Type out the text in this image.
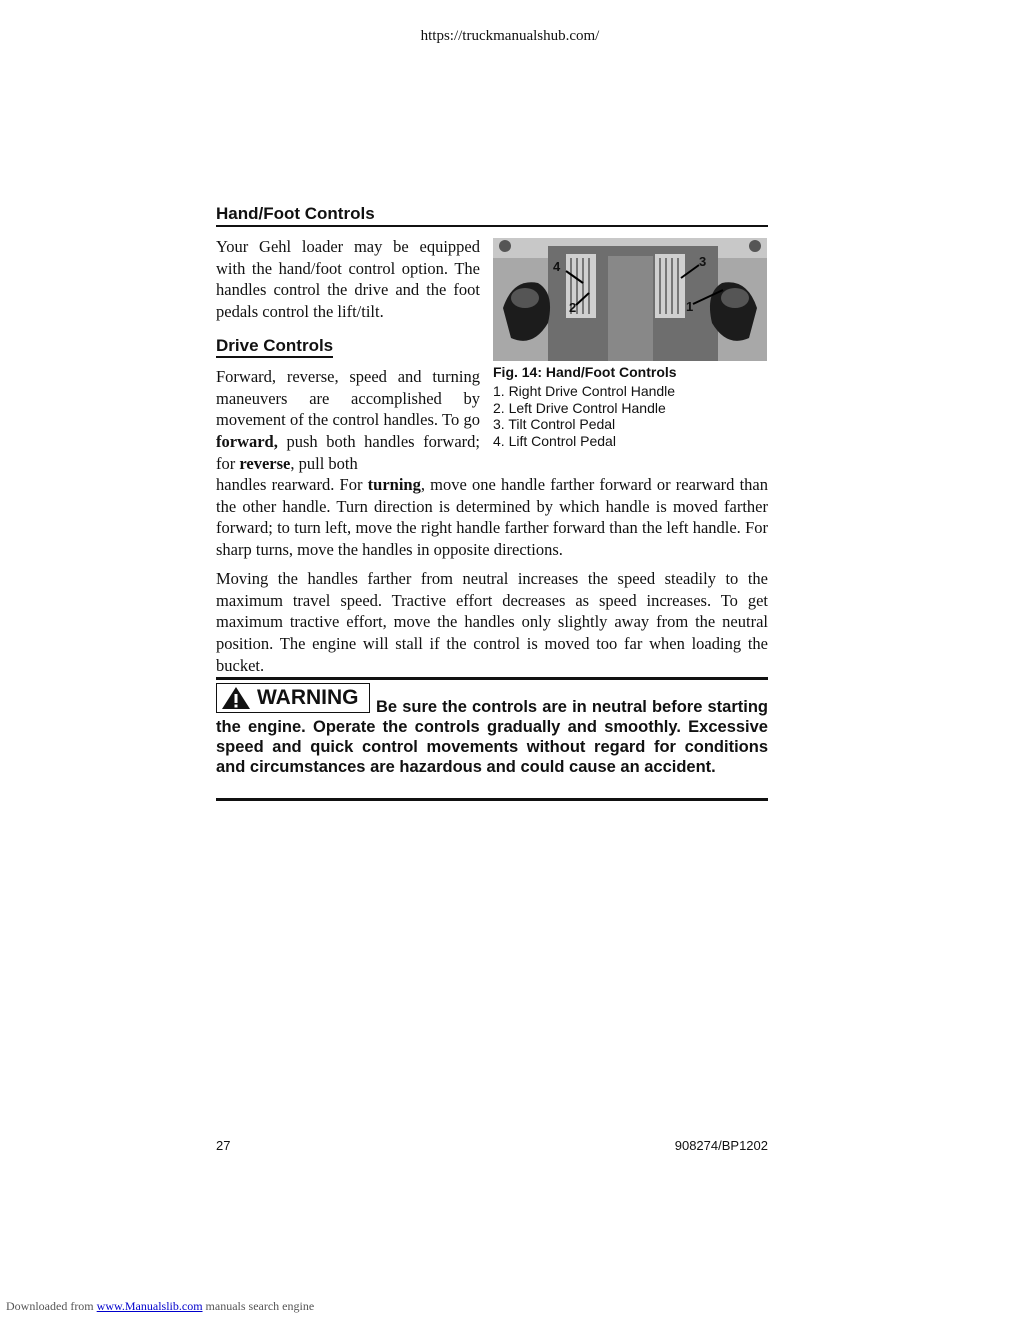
https://truckmanualshub.com/
Hand/Foot Controls

Your Gehl loader may be equipped with the hand/foot control option. The handles control the drive and the foot pedals control the lift/tilt.

4
2
3
1
Fig. 14: Hand/Foot Controls
1. Right Drive Control Handle
2. Left Drive Control Handle
3. Tilt Control Pedal
4. Lift Control Pedal
Drive Controls

Forward, reverse, speed and turning maneuvers are accomplished by movement of the control handles. To go forward, push both handles forward; for reverse, pull both

handles rearward. For turning, move one handle farther forward or rearward than the other handle. Turn direction is determined by which handle is moved farther forward; to turn left, move the right handle farther forward than the left handle. For sharp turns, move the handles in opposite directions.

Moving the handles farther from neutral increases the speed steadily to the maximum travel speed. Tractive effort decreases as speed increases. To get maximum tractive effort, move the handles only slightly away from the neutral position. The engine will stall if the control is moved too far when loading the bucket.

Be sure the controls are in neutral before starting the engine. Operate the controls gradually and smoothly. Excessive speed and quick control movements without regard for conditions and circumstances are hazardous and could cause an accident.

WARNING
27	908274/BP1202
Downloaded from www.Manualslib.com manuals search engine
